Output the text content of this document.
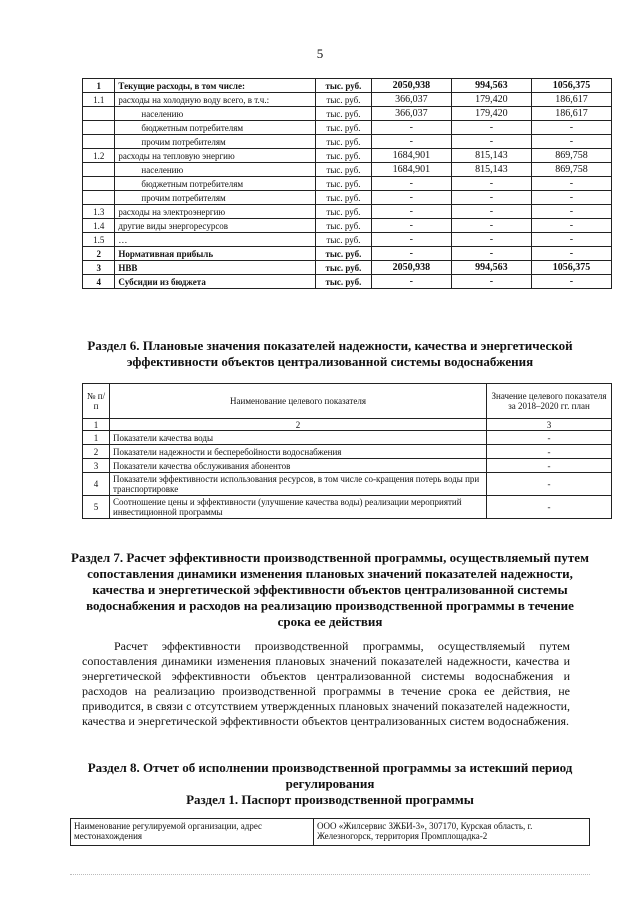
5
1	Текущие расходы, в том числе:	тыс. руб.	2050,938	994,563	1056,375
1.1	расходы на холодную воду всего, в т.ч.:	тыс. руб.	366,037	179,420	186,617
	населению	тыс. руб.	366,037	179,420	186,617
	бюджетным потребителям	тыс. руб.	-	-	-
	прочим потребителям	тыс. руб.	-	-	-
1.2	расходы на тепловую энергию	тыс. руб.	1684,901	815,143	869,758
	населению	тыс. руб.	1684,901	815,143	869,758
	бюджетным потребителям	тыс. руб.	-	-	-
	прочим потребителям	тыс. руб.	-	-	-
1.3	расходы на электроэнергию	тыс. руб.	-	-	-
1.4	другие виды энергоресурсов	тыс. руб.	-	-	-
1.5	…	тыс. руб.	-	-	-
2	Нормативная прибыль	тыс. руб.	-	-	-
3	НВВ	тыс. руб.	2050,938	994,563	1056,375
4	Субсидии из бюджета	тыс. руб.	-	-	-
Раздел 6. Плановые значения показателей надежности, качества и энергетической эффективности объектов централизованной системы водоснабжения
№ п/п	Наименование целевого показателя	Значение целевого показателя за 2018–2020 гг. план
1	2	3
1	Показатели качества воды	-
2	Показатели надежности и бесперебойности водоснабжения	-
3	Показатели качества обслуживания абонентов	-
4	Показатели эффективности использования ресурсов, в том числе со-кращения потерь воды при транспортировке	-
5	Соотношение цены и эффективности (улучшение качества воды) реализации мероприятий инвестиционной программы	-
Раздел 7. Расчет эффективности производственной программы, осуществляемый путем сопоставления динамики изменения плановых значений показателей надежности, качества и энергетической эффективности объектов централизованной системы водоснабжения и расходов на реализацию производственной программы в течение срока ее действия

Расчет эффективности производственной программы, осуществляемый путем сопоставления динамики изменения плановых значений показателей надежности, качества и энергетической эффективности объектов централизованной системы водоснабжения и расходов на реализацию производственной программы в течение срока ее действия, не приводится, в связи с отсутствием утвержденных плановых значений показателей надежности, качества и энергетической эффективности объектов централизованных систем водоснабжения.

Раздел 8. Отчет об исполнении производственной программы за истекший период регулирования
Раздел 1. Паспорт производственной программы
Наименование регулируемой организации, адрес местонахождения	ООО «Жилсервис ЗЖБИ-3», 307170, Курская область, г. Железногорск, территория Промплощадка-2
